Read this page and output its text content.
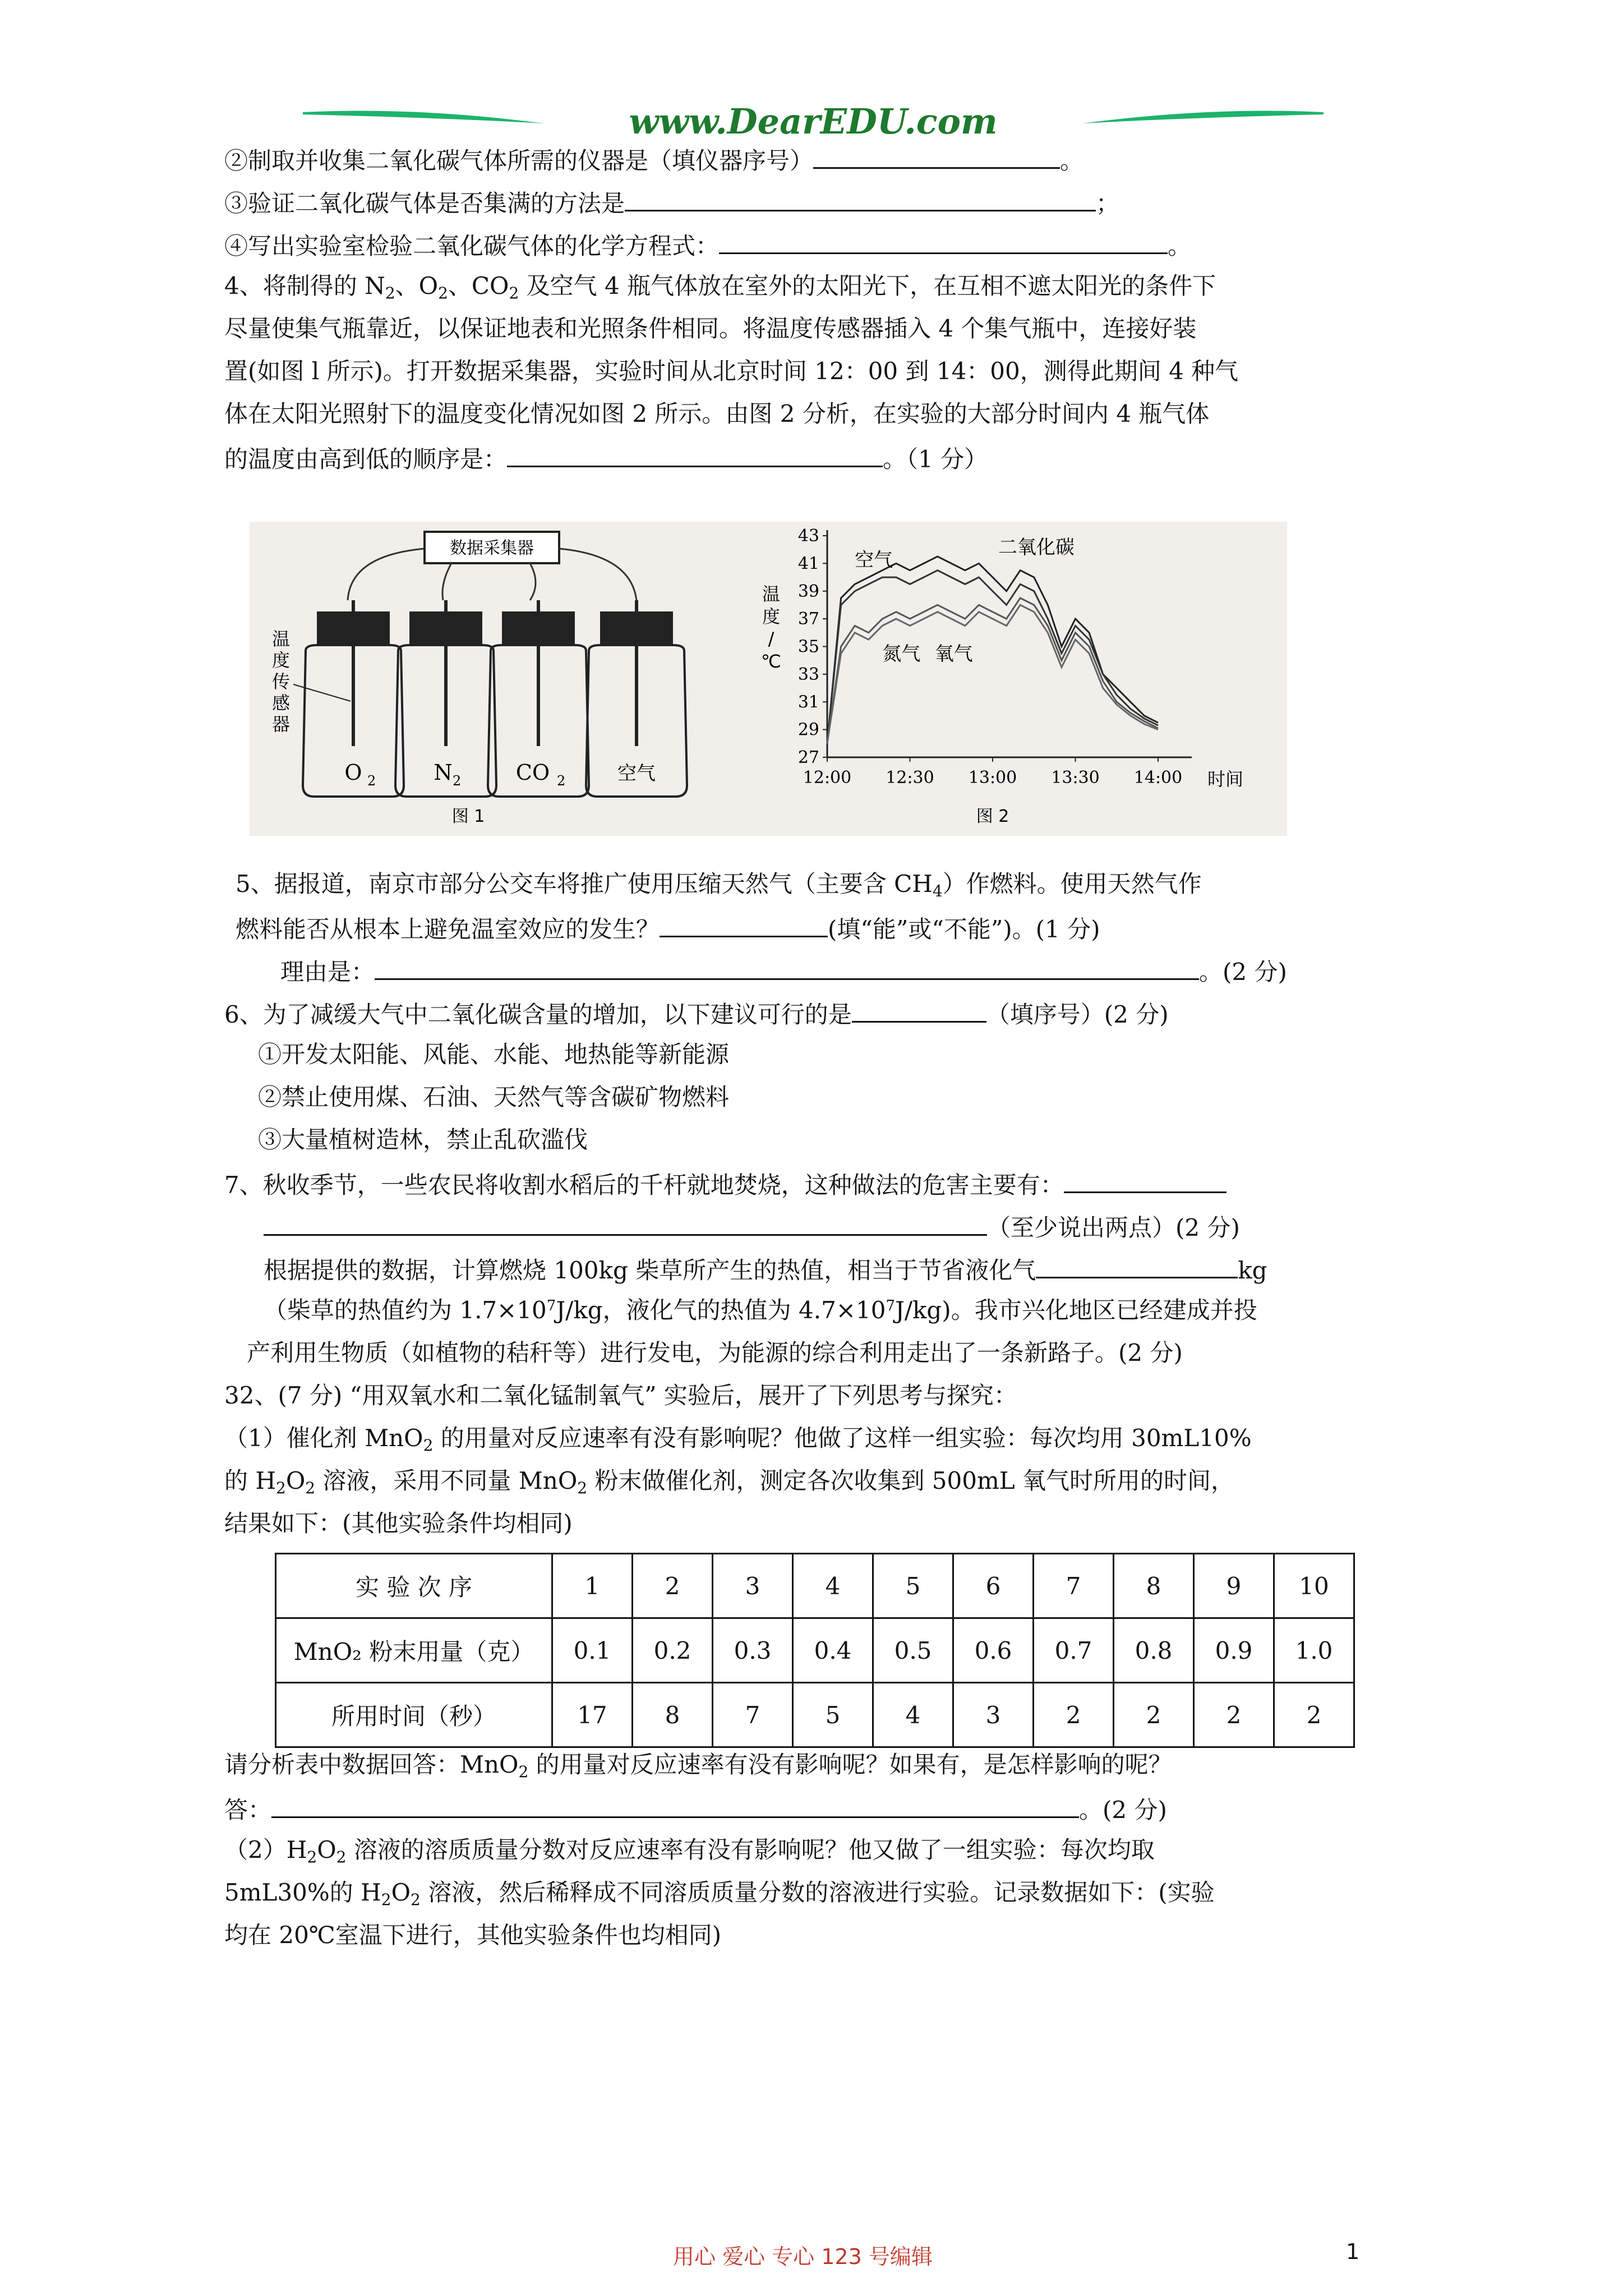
www.DearEDU.com
②制取并收集二氧化碳气体所需的仪器是（填仪器序号）	。
③验证二氧化碳气体是否集满的方法是	；
④写出实验室检验二氧化碳气体的化学方程式：	。
4、将制得的 $N_2$、$O_2$、$CO_2$ 及空气 4 瓶气体放在室外的太阳光下，在互相不遮太阳光的条件下
尽量使集气瓶靠近，以保证地表和光照条件相同。将温度传感器插入 4 个集气瓶中，连接好装
置(如图 l 所示)。打开数据采集器，实验时间从北京时间 12：00 到 14：00，测得此期间 4 种气
体在太阳光照射下的温度变化情况如图 2 所示。由图 2 分析，在实验的大部分时间内 4 瓶气体
的温度由高到低的顺序是：	。（1 分）
数据采集器
O 2	N 2	CO 2	空气
温
度
传
感
器
图 1
27
29
31
33
35
37
39
41
43
12:00 12:30 13:00 13:30 14:00 时间
温
度
/
℃
二氧化碳
空气
氧气
氮气
图 2
5、据报道，南京市部分公交车将推广使用压缩天然气（主要含 $CH_4$）作燃料。使用天然气作
燃料能否从根本上避免温室效应的发生？	(填“能”或“不能”)。(1 分)
理由是：	。(2 分)
6、为了减缓大气中二氧化碳含量的增加，以下建议可行的是	（填序号）(2 分)
①开发太阳能、风能、水能、地热能等新能源
②禁止使用煤、石油、天然气等含碳矿物燃料
③大量植树造林，禁止乱砍滥伐
7、秋收季节，一些农民将收割水稻后的千杆就地焚烧，这种做法的危害主要有：
（至少说出两点）(2 分)
根据提供的数据，计算燃烧 100kg 柴草所产生的热值，相当于节省液化气	kg
（柴草的热值约为 $1.7\times 10^7J/kg$，液化气的热值为 $4.7\times 10^7J/kg$)。我市兴化地区已经建成并投
产利用生物质（如植物的秸秆等）进行发电，为能源的综合利用走出了一条新路子。(2 分)
32、(7 分) “用双氧水和二氧化锰制氧气” 实验后，展开了下列思考与探究：
（1）催化剂 MnO$_2$ 的用量对反应速率有没有影响呢？他做了这样一组实验：每次均用 30mL10%
的 $H_2O_2$ 溶液，采用不同量 MnO$_2$ 粉末做催化剂，测定各次收集到 500mL 氧气时所用的时间，
结果如下：(其他实验条件均相同)
实 验 次 序	1	2	3	4	5	6	7	8	9	10
MnO₂ 粉末用量（克）	0.1	0.2	0.3	0.4	0.5	0.6	0.7	0.8	0.9	1.0
所用时间（秒）	17	8	7	5	4	3	2	2	2	2
请分析表中数据回答：MnO$_2$ 的用量对反应速率有没有影响呢？如果有，是怎样影响的呢？
答：	。(2 分)
$(2)H_2O_2$ 溶液的溶质质量分数对反应速率有没有影响呢？他又做了一组实验：每次均取
5mL30%的 $H_2O_2$ 溶液，然后稀释成不同溶质质量分数的溶液进行实验。记录数据如下：(实验
均在 20℃室温下进行，其他实验条件也均相同)
用心 爱心 专心 123 号编辑	1
